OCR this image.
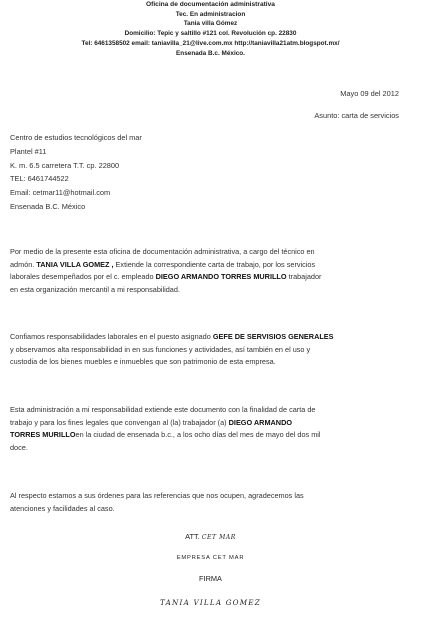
Oficina de documentación administrativa
Tec. En administracion
Tania villa Gómez
Domicilio: Tepic y saltillo #121 col. Revolución cp. 22830
Tel: 6461358502 email: taniavilla_21@live.com.mx http://taniavilla21atm.blogspot.mx/
Ensenada B.c. México.
Mayo 09 del 2012
Asunto: carta de servicios
Centro de estudios tecnológicos del mar
Plantel #11
K. m. 6.5 carretera T.T. cp. 22800
TEL: 6461744522
Email: cetmar11@hotmail.com
Ensenada B.C. México
Por medio de la presente esta oficina de documentación administrativa, a cargo del técnico en
admón. TANIA VILLA GOMEZ , Extiende la correspondiente carta de trabajo, por los servicios
laborales desempeñados por el c. empleado DIEGO ARMANDO TORRES MURILLO trabajador
en esta organización mercantil a mi responsabilidad.
Confiamos responsabilidades laborales en el puesto asignado GEFE DE SERVISIOS GENERALES
y observamos alta responsabilidad in en sus funciones y actividades, así también en el uso y
custodia de los bienes muebles e inmuebles que son patrimonio de esta empresa.
Esta administración a mi responsabilidad extiende este documento con la finalidad de carta de
trabajo y para los fines legales que convengan al (la) trabajador (a) DIEGO ARMANDO
TORRES MURILLOen la ciudad de ensenada b.c., a los ocho días del mes de mayo del dos mil
doce.
Al respecto estamos a sus órdenes para las referencias que nos ocupen, agradecemos las
atenciones y facilidades al caso.
ATT. CET MAR
EMPRESA CET MAR
FIRMA
TANIA VILLA GOMEZ
